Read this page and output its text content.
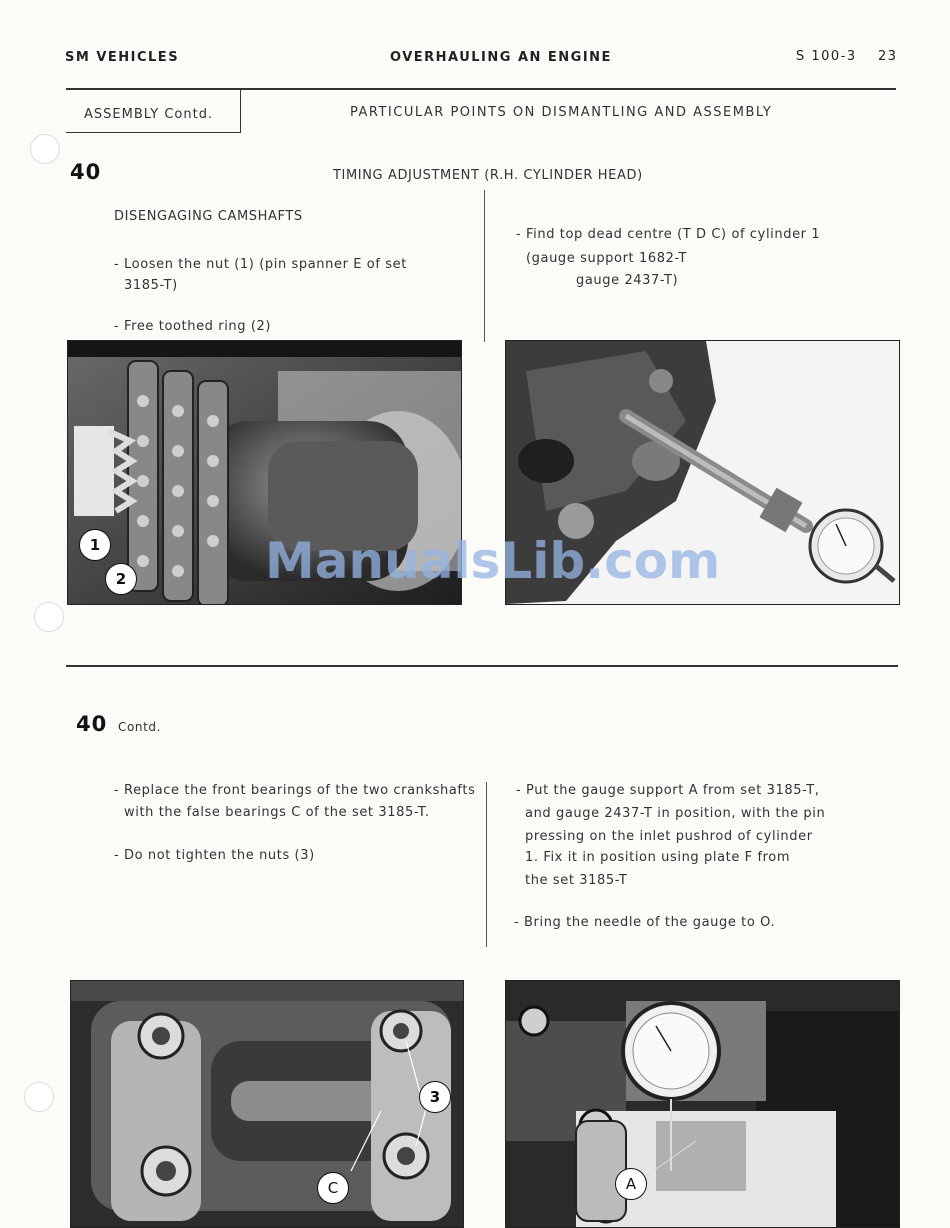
SM VEHICLES	OVERHAULING AN ENGINE	S 100-3 23
ASSEMBLY Contd.	PARTICULAR POINTS ON DISMANTLING AND ASSEMBLY
40	TIMING ADJUSTMENT (R.H. CYLINDER HEAD)
DISENGAGING CAMSHAFTS
- Loosen the nut (1) (pin spanner E of set
3185-T)
- Free toothed ring (2)
- Find top dead centre (T D C) of cylinder 1
(gauge support 1682-T
gauge 2437-T)
1
2	ManualsLib.com
40 Contd.
- Replace the front bearings of the two crankshafts
with the false bearings C of the set 3185-T.
- Do not tighten the nuts (3)
- Put the gauge support A from set 3185-T,
and gauge 2437-T in position, with the pin
pressing on the inlet pushrod of cylinder
1. Fix it in position using plate F from
the set 3185-T
- Bring the needle of the gauge to O.
3
C	A
